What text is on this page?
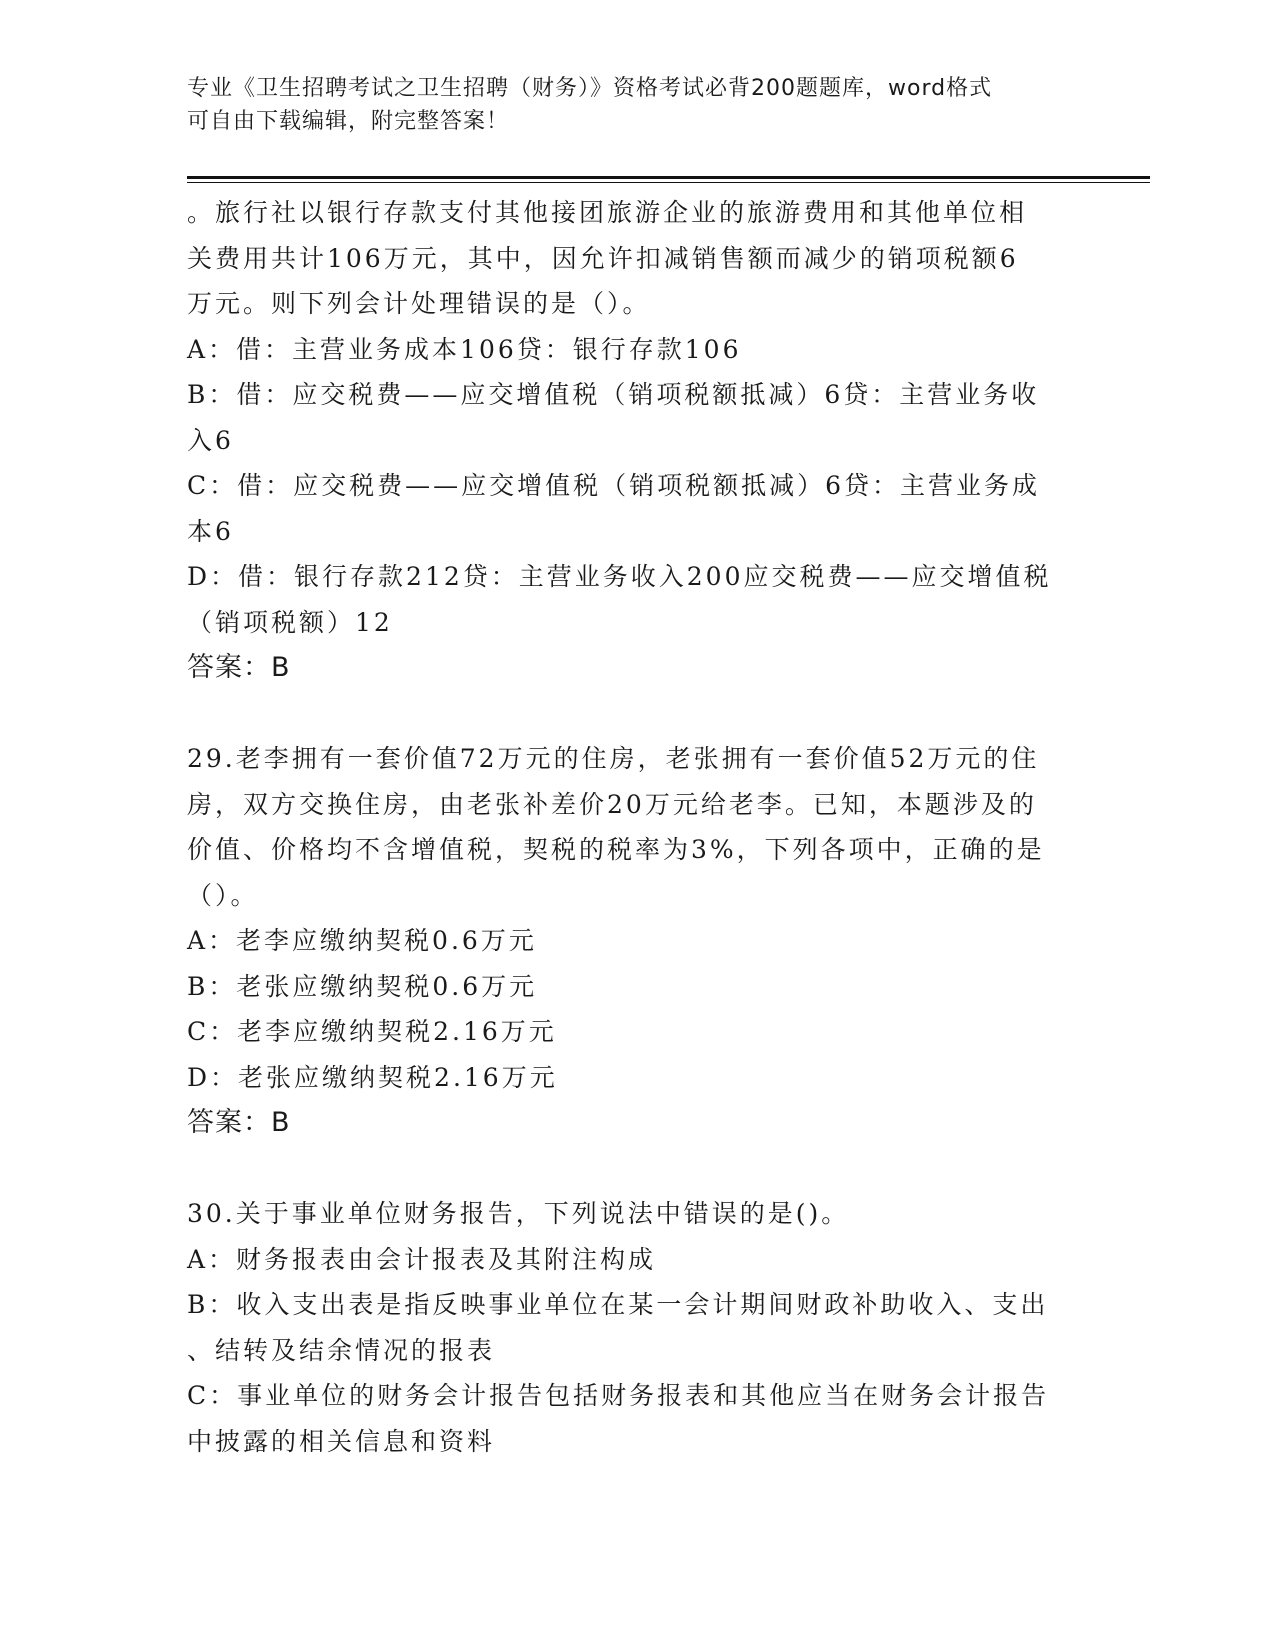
专业《卫生招聘考试之卫生招聘（财务）》资格考试必背200题题库，word格式
可自由下载编辑，附完整答案！
。旅行社以银行存款支付其他接团旅游企业的旅游费用和其他单位相
关费用共计106万元，其中，因允许扣减销售额而减少的销项税额6
万元。则下列会计处理错误的是（）。
A：借：主营业务成本106贷：银行存款106
B：借：应交税费——应交增值税（销项税额抵减）6贷：主营业务收
入6
C：借：应交税费——应交增值税（销项税额抵减）6贷：主营业务成
本6
D：借：银行存款212贷：主营业务收入200应交税费——应交增值税
（销项税额）12
答案：B
29.老李拥有一套价值72万元的住房，老张拥有一套价值52万元的住
房，双方交换住房，由老张补差价20万元给老李。已知，本题涉及的
价值、价格均不含增值税，契税的税率为3%，下列各项中，正确的是
（）。
A：老李应缴纳契税0.6万元
B：老张应缴纳契税0.6万元
C：老李应缴纳契税2.16万元
D：老张应缴纳契税2.16万元
答案：B
30.关于事业单位财务报告，下列说法中错误的是()。
A：财务报表由会计报表及其附注构成
B：收入支出表是指反映事业单位在某一会计期间财政补助收入、支出
、结转及结余情况的报表
C：事业单位的财务会计报告包括财务报表和其他应当在财务会计报告
中披露的相关信息和资料
